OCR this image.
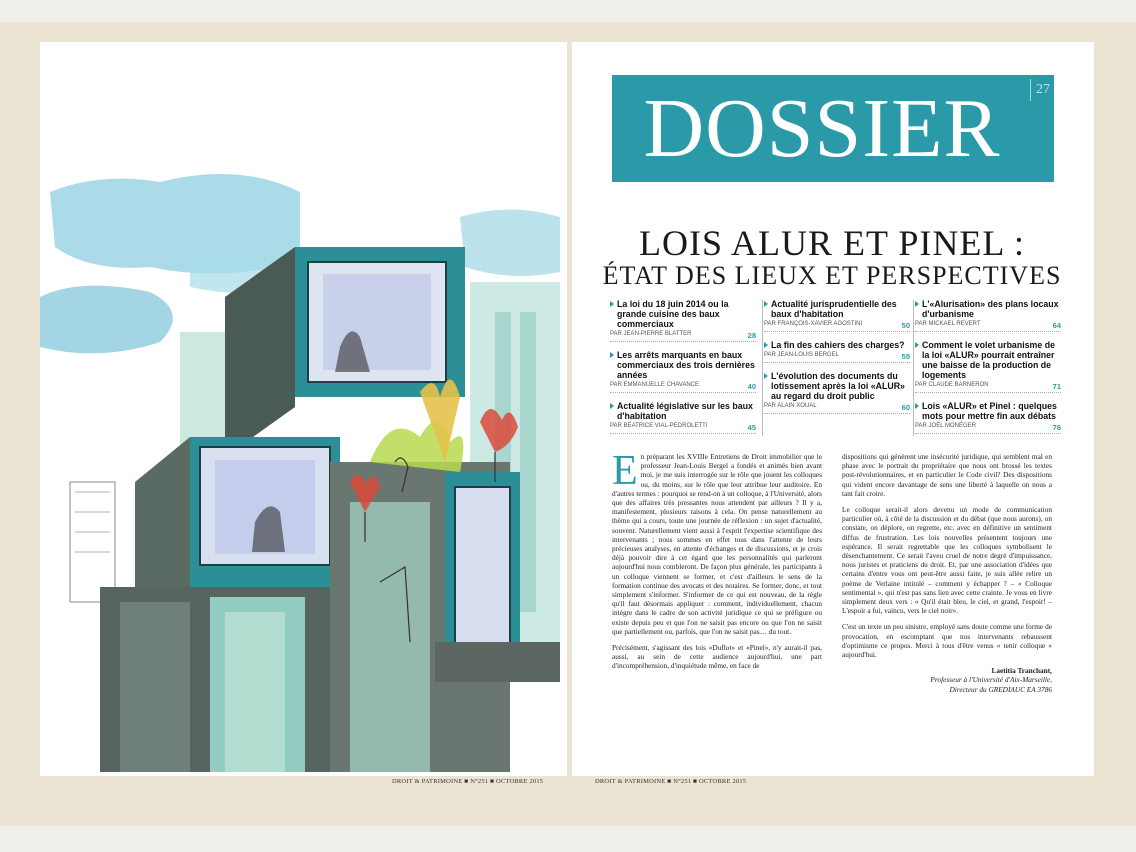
DOSSIER	27
LOIS ALUR ET PINEL :
ÉTAT DES LIEUX ET PERSPECTIVES
La loi du 18 juin 2014 ou la grande cuisine des baux commerciaux
PAR JEAN-PIERRE BLATTER	28
Les arrêts marquants en baux commerciaux des trois dernières années
PAR EMMANUELLE CHAVANCE	40
Actualité législative sur les baux d'habitation
PAR BÉATRICE VIAL-PEDROLETTI	45
Actualité jurisprudentielle des baux d'habitation
PAR FRANÇOIS-XAVIER AGOSTINI	50
La fin des cahiers des charges?
PAR JEAN-LOUIS BERGEL	55
L'évolution des documents du lotissement après la loi «ALUR» au regard du droit public
PAR ALAIN XOUAL	60
L'«Alurisation» des plans locaux d'urbanisme
PAR MICKAEL REVERT	64
Comment le volet urbanisme de la loi «ALUR» pourrait entraîner une baisse de la production de logements
PAR CLAUDE BARNERON	71
Lois «ALUR» et Pinel : quelques mots pour mettre fin aux débats
PAR JOËL MONÉGER	76

En préparant les XVIIIe Entretiens de Droit immobilier que le professeur Jean-Louis Bergel a fondés et animés bien avant moi, je me suis interrogée sur le rôle que jouent les colloques ou, du moins, sur le rôle que leur attribue leur auditoire. En d'autres termes : pourquoi se rend-on à un colloque, à l'Université, alors que des affaires très pressantes nous attendent par ailleurs ? Il y a, manifestement, plusieurs raisons à cela. On pense naturellement au thème qui a cours, toute une journée de réflexion : un sujet d'actualité, souvent. Naturellement vient aussi à l'esprit l'expertise scientifique des intervenants ; nous sommes en effet tous dans l'attente de leurs précieuses analyses, en attente d'échanges et de discussions, et je crois déjà pouvoir dire à cet égard que les personnalités qui parleront aujourd'hui nous combleront. De façon plus générale, les participants à un colloque viennent se former, et c'est d'ailleurs le sens de la formation continue des avocats et des notaires. Se former, donc, et tout simplement s'informer. S'informer de ce qui est nouveau, de la règle qu'il faut désormais appliquer : comment, individuellement, chacun intègre dans le cadre de son activité juridique ce qui se préfigure ou existe depuis peu et que l'on ne saisit pas encore ou que l'on ne saisit que partiellement ou, parfois, que l'on ne saisit pas… du tout.

Précisément, s'agissant des lois «Duflot» et «Pinel», n'y aurait-il pas, aussi, au sein de cette audience aujourd'hui, une part d'incompréhension, d'inquiétude même, en face de

dispositions qui génèrent une insécurité juridique, qui semblent mal en phase avec le portrait du propriétaire que nous ont brossé les textes post-révolutionnaires, et en particulier le Code civil? Des dispositions qui vident encore davantage de sens une liberté à laquelle on nous a tant fait croire.

Le colloque serait-il alors devenu un mode de communication particulier où, à côté de la discussion et du débat (que nous aurons), on constate, on déplore, on regrette, etc. avec en définitive un sentiment diffus de frustration. Les lois nouvelles présentent toujours une espérance. Il serait regrettable que les colloques symbolisent le désenchantement. Ce serait l'aveu cruel de notre degré d'impuissance, nous juristes et praticiens du droit. Et, par une association d'idées que certains d'entre vous ont peut-être aussi faite, je suis allée relire un poème de Verlaine intitulé – comment y échapper ? – « Colloque sentimental », qui n'est pas sans lien avec cette crainte. Je vous en livre simplement deux vers : « Qu'il était bleu, le ciel, et grand, l'espoir! – L'espoir a fui, vaincu, vers le ciel noir».

C'est un texte un peu sinistre, employé sans doute comme une forme de provocation, en escomptant que nos intervenants rebaussent d'optimisme ce propos. Merci à tous d'être venus « tenir colloque » aujourd'hui.

Laetitia Tranchant,
Professeur à l'Université d'Aix-Marseille,
Directeur du GREDIAUC EA 3786
DROIT & PATRIMOINE ■ N°251 ■ OCTOBRE 2015	DROIT & PATRIMOINE ■ N°251 ■ OCTOBRE 2015
